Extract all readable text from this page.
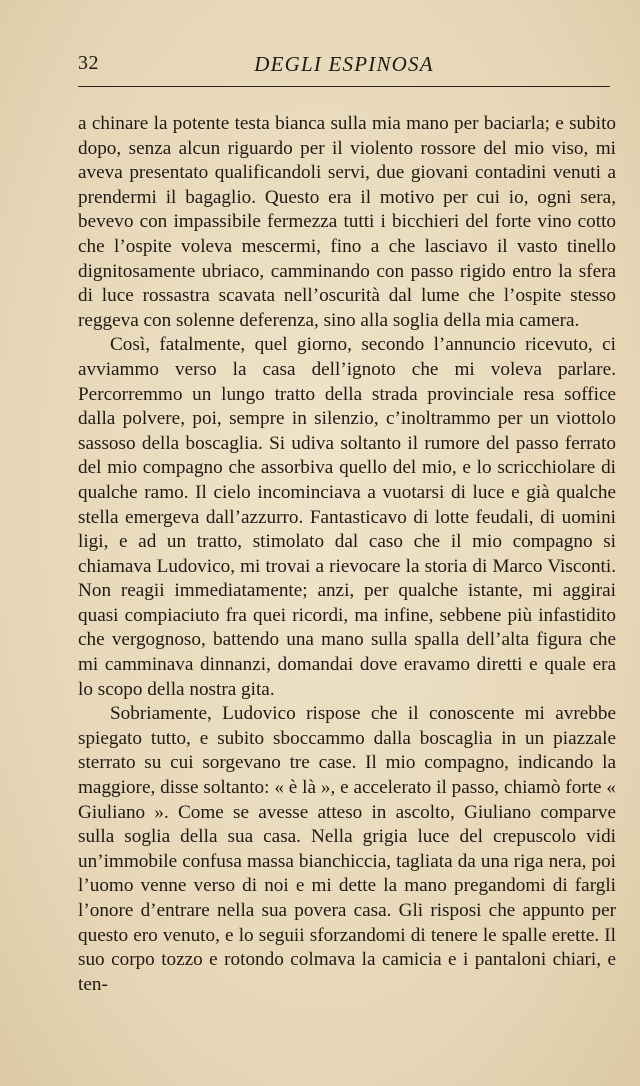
32	DEGLI ESPINOSA

a chinare la potente testa bianca sulla mia mano per baciarla; e subito dopo, senza alcun riguardo per il violento rossore del mio viso, mi aveva presentato qualificandoli servi, due giovani contadini venuti a prendermi il bagaglio. Questo era il motivo per cui io, ogni sera, bevevo con impassibile fermezza tutti i bicchieri del forte vino cotto che l’ospite voleva mescermi, fino a che lasciavo il vasto tinello dignitosamente ubriaco, camminando con passo rigido entro la sfera di luce rossastra scavata nell’oscurità dal lume che l’ospite stesso reggeva con solenne deferenza, sino alla soglia della mia camera.

Così, fatalmente, quel giorno, secondo l’annuncio ricevuto, ci avviammo verso la casa dell’ignoto che mi voleva parlare. Percorremmo un lungo tratto della strada provinciale resa soffice dalla polvere, poi, sempre in silenzio, c’inoltrammo per un viottolo sassoso della boscaglia. Si udiva soltanto il rumore del passo ferrato del mio compagno che assorbiva quello del mio, e lo scricchiolare di qualche ramo. Il cielo incominciava a vuotarsi di luce e già qualche stella emergeva dall’azzurro. Fantasticavo di lotte feudali, di uomini ligi, e ad un tratto, stimolato dal caso che il mio compagno si chiamava Ludovico, mi trovai a rievocare la storia di Marco Visconti. Non reagii immediatamente; anzi, per qualche istante, mi aggirai quasi compiaciuto fra quei ricordi, ma infine, sebbene più infastidito che vergognoso, battendo una mano sulla spalla dell’alta figura che mi camminava dinnanzi, domandai dove eravamo diretti e quale era lo scopo della nostra gita.

Sobriamente, Ludovico rispose che il conoscente mi avrebbe spiegato tutto, e subito sboccammo dalla boscaglia in un piazzale sterrato su cui sorgevano tre case. Il mio compagno, indicando la maggiore, disse soltanto: « è là », e accelerato il passo, chiamò forte « Giuliano ». Come se avesse atteso in ascolto, Giuliano comparve sulla soglia della sua casa. Nella grigia luce del crepuscolo vidi un’immobile confusa massa bianchiccia, tagliata da una riga nera, poi l’uomo venne verso di noi e mi dette la mano pregandomi di fargli l’onore d’entrare nella sua povera casa. Gli risposi che appunto per questo ero venuto, e lo seguii sforzandomi di tenere le spalle erette. Il suo corpo tozzo e rotondo colmava la camicia e i pantaloni chiari, e ten-
